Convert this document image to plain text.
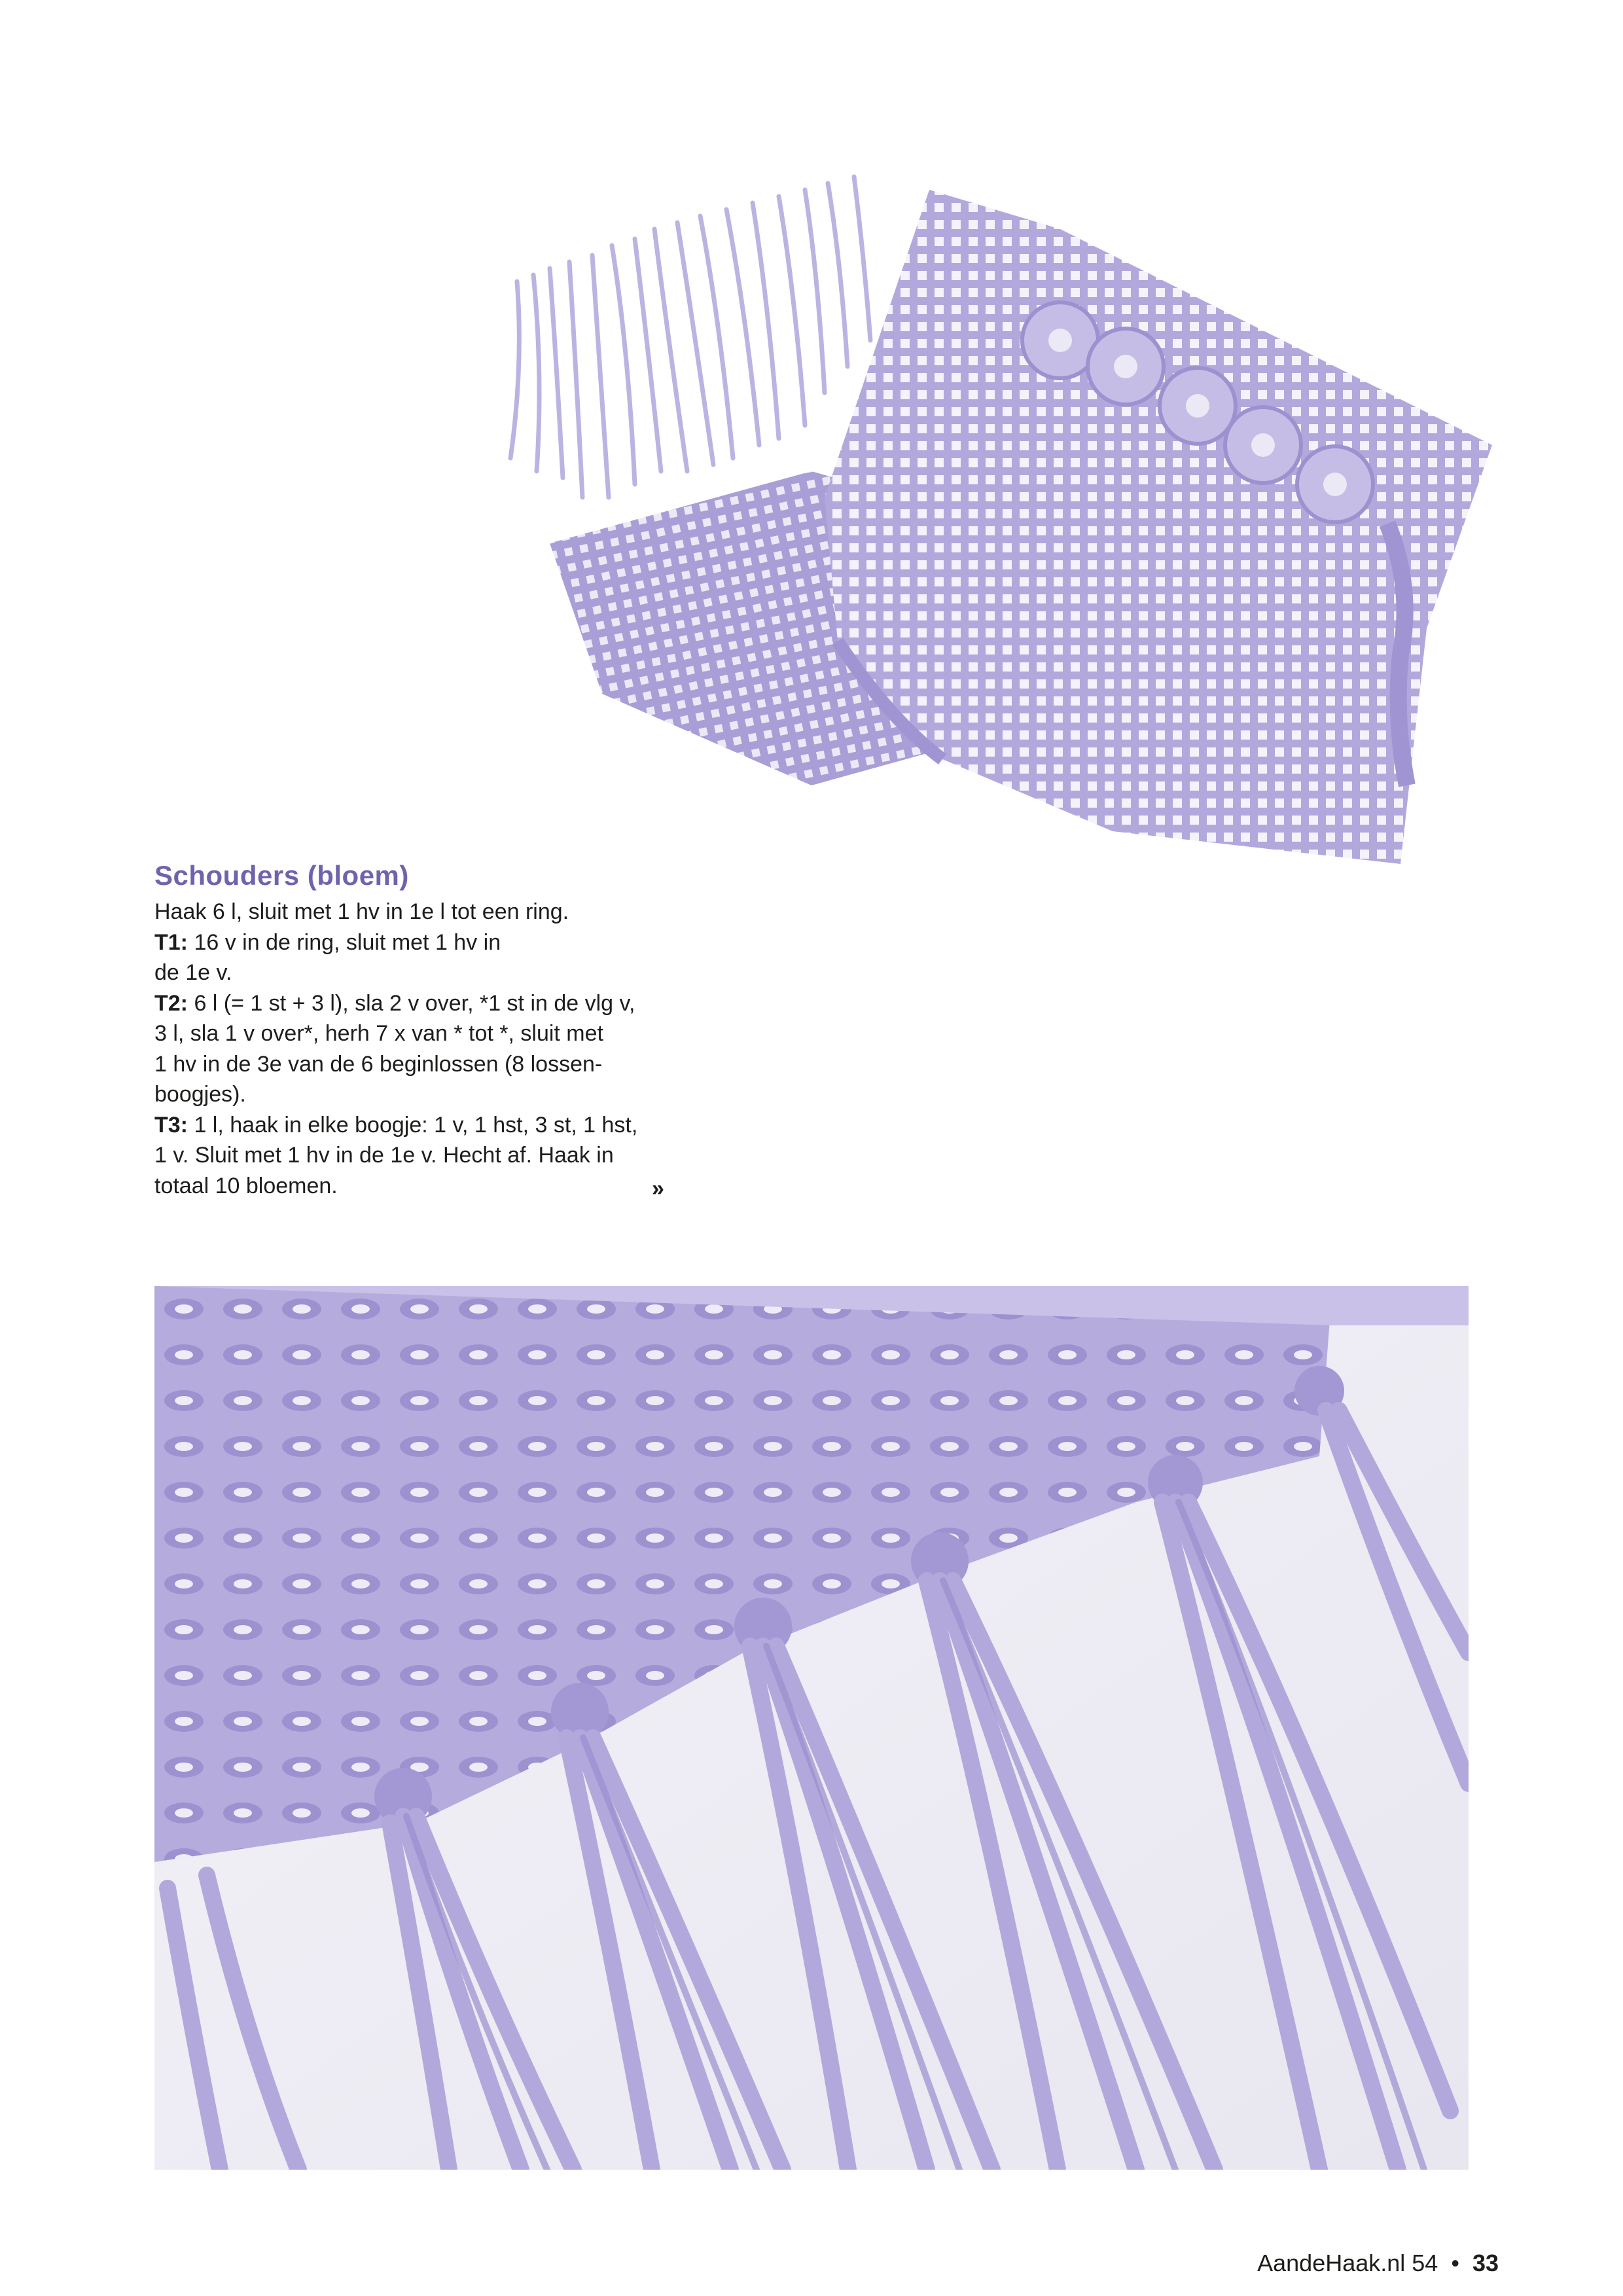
Schouders (bloem)

Haak 6 l, sluit met 1 hv in 1e l tot een ring.

T1: 16 v in de ring, sluit met 1 hv in

de 1e v.

T2: 6 l (= 1 st + 3 l), sla 2 v over, *1 st in de vlg v,

3 l, sla 1 v over*, herh 7 x van * tot *, sluit met

1 hv in de 3e van de 6 beginlossen (8 lossen-

boogjes).

T3: 1 l, haak in elke boogje: 1 v, 1 hst, 3 st, 1 hst,

1 v. Sluit met 1 hv in de 1e v. Hecht af. Haak in

totaal 10 bloemen.	»
AandeHaak.nl 54 • 33
